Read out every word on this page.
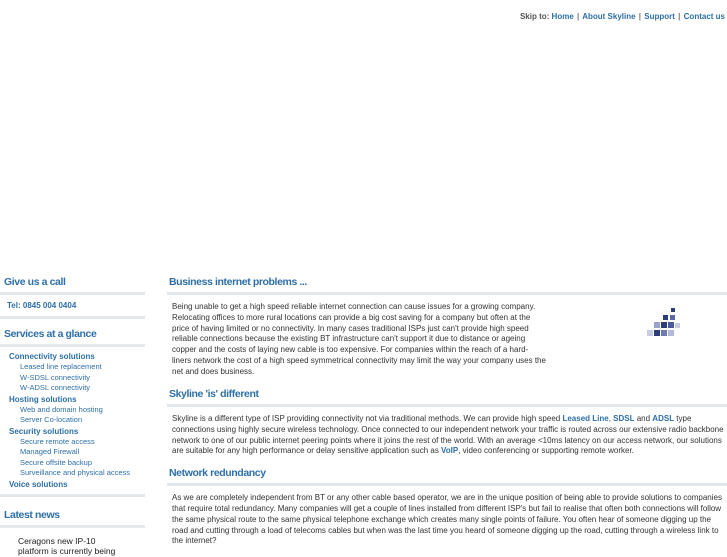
Skip to: Home | About Skyline | Support | Contact us
Give us a call
Tel: 0845 004 0404
Services at a glance
Connectivity solutions
Leased line replacement
W-SDSL connectivity
W-ADSL connectivity
Hosting solutions
Web and domain hosting
Server Co-location
Security solutions
Secure remote access
Managed Firewall
Secure offsite backup
Surveillance and physical access
Voice solutions
Latest news
Ceragons new IP-10
platform is currently being
Business internet problems ...
Being unable to get a high speed reliable internet connection can cause issues for a growing company. Relocating offices to more rural locations can provide a big cost saving for a company but often at the price of having limited or no connectivity. In many cases traditional ISPs just can't provide high speed reliable connections because the existing BT infrastructure can't support it due to distance or ageing copper and the costs of laying new cable is too expensive. For companies within the reach of a hard-liners network the cost of a high speed symmetrical connectivity may limit the way your company uses the net and does business.
Skyline 'is' different
Skyline is a different type of ISP providing connectivity not via traditional methods. We can provide high speed Leased Line, SDSL and ADSL type connections using highly secure wireless technology. Once connected to our independent network your traffic is routed across our extensive radio backbone network to one of our public internet peering points where it joins the rest of the world. With an average <10ms latency on our access network, our solutions are suitable for any high performance or delay sensitive application such as VoIP, video conferencing or supporting remote worker.
Network redundancy
As we are completely independent from BT or any other cable based operator, we are in the unique position of being able to provide solutions to companies that require total redundancy. Many companies will get a couple of lines installed from different ISP's but fail to realise that often both connections will follow the same physical route to the same physical telephone exchange which creates many single points of failure. You often hear of someone digging up the road and cutting through a load of telecoms cables but when was the last time you heard of someone digging up the road, cutting through a wireless link to the internet?
